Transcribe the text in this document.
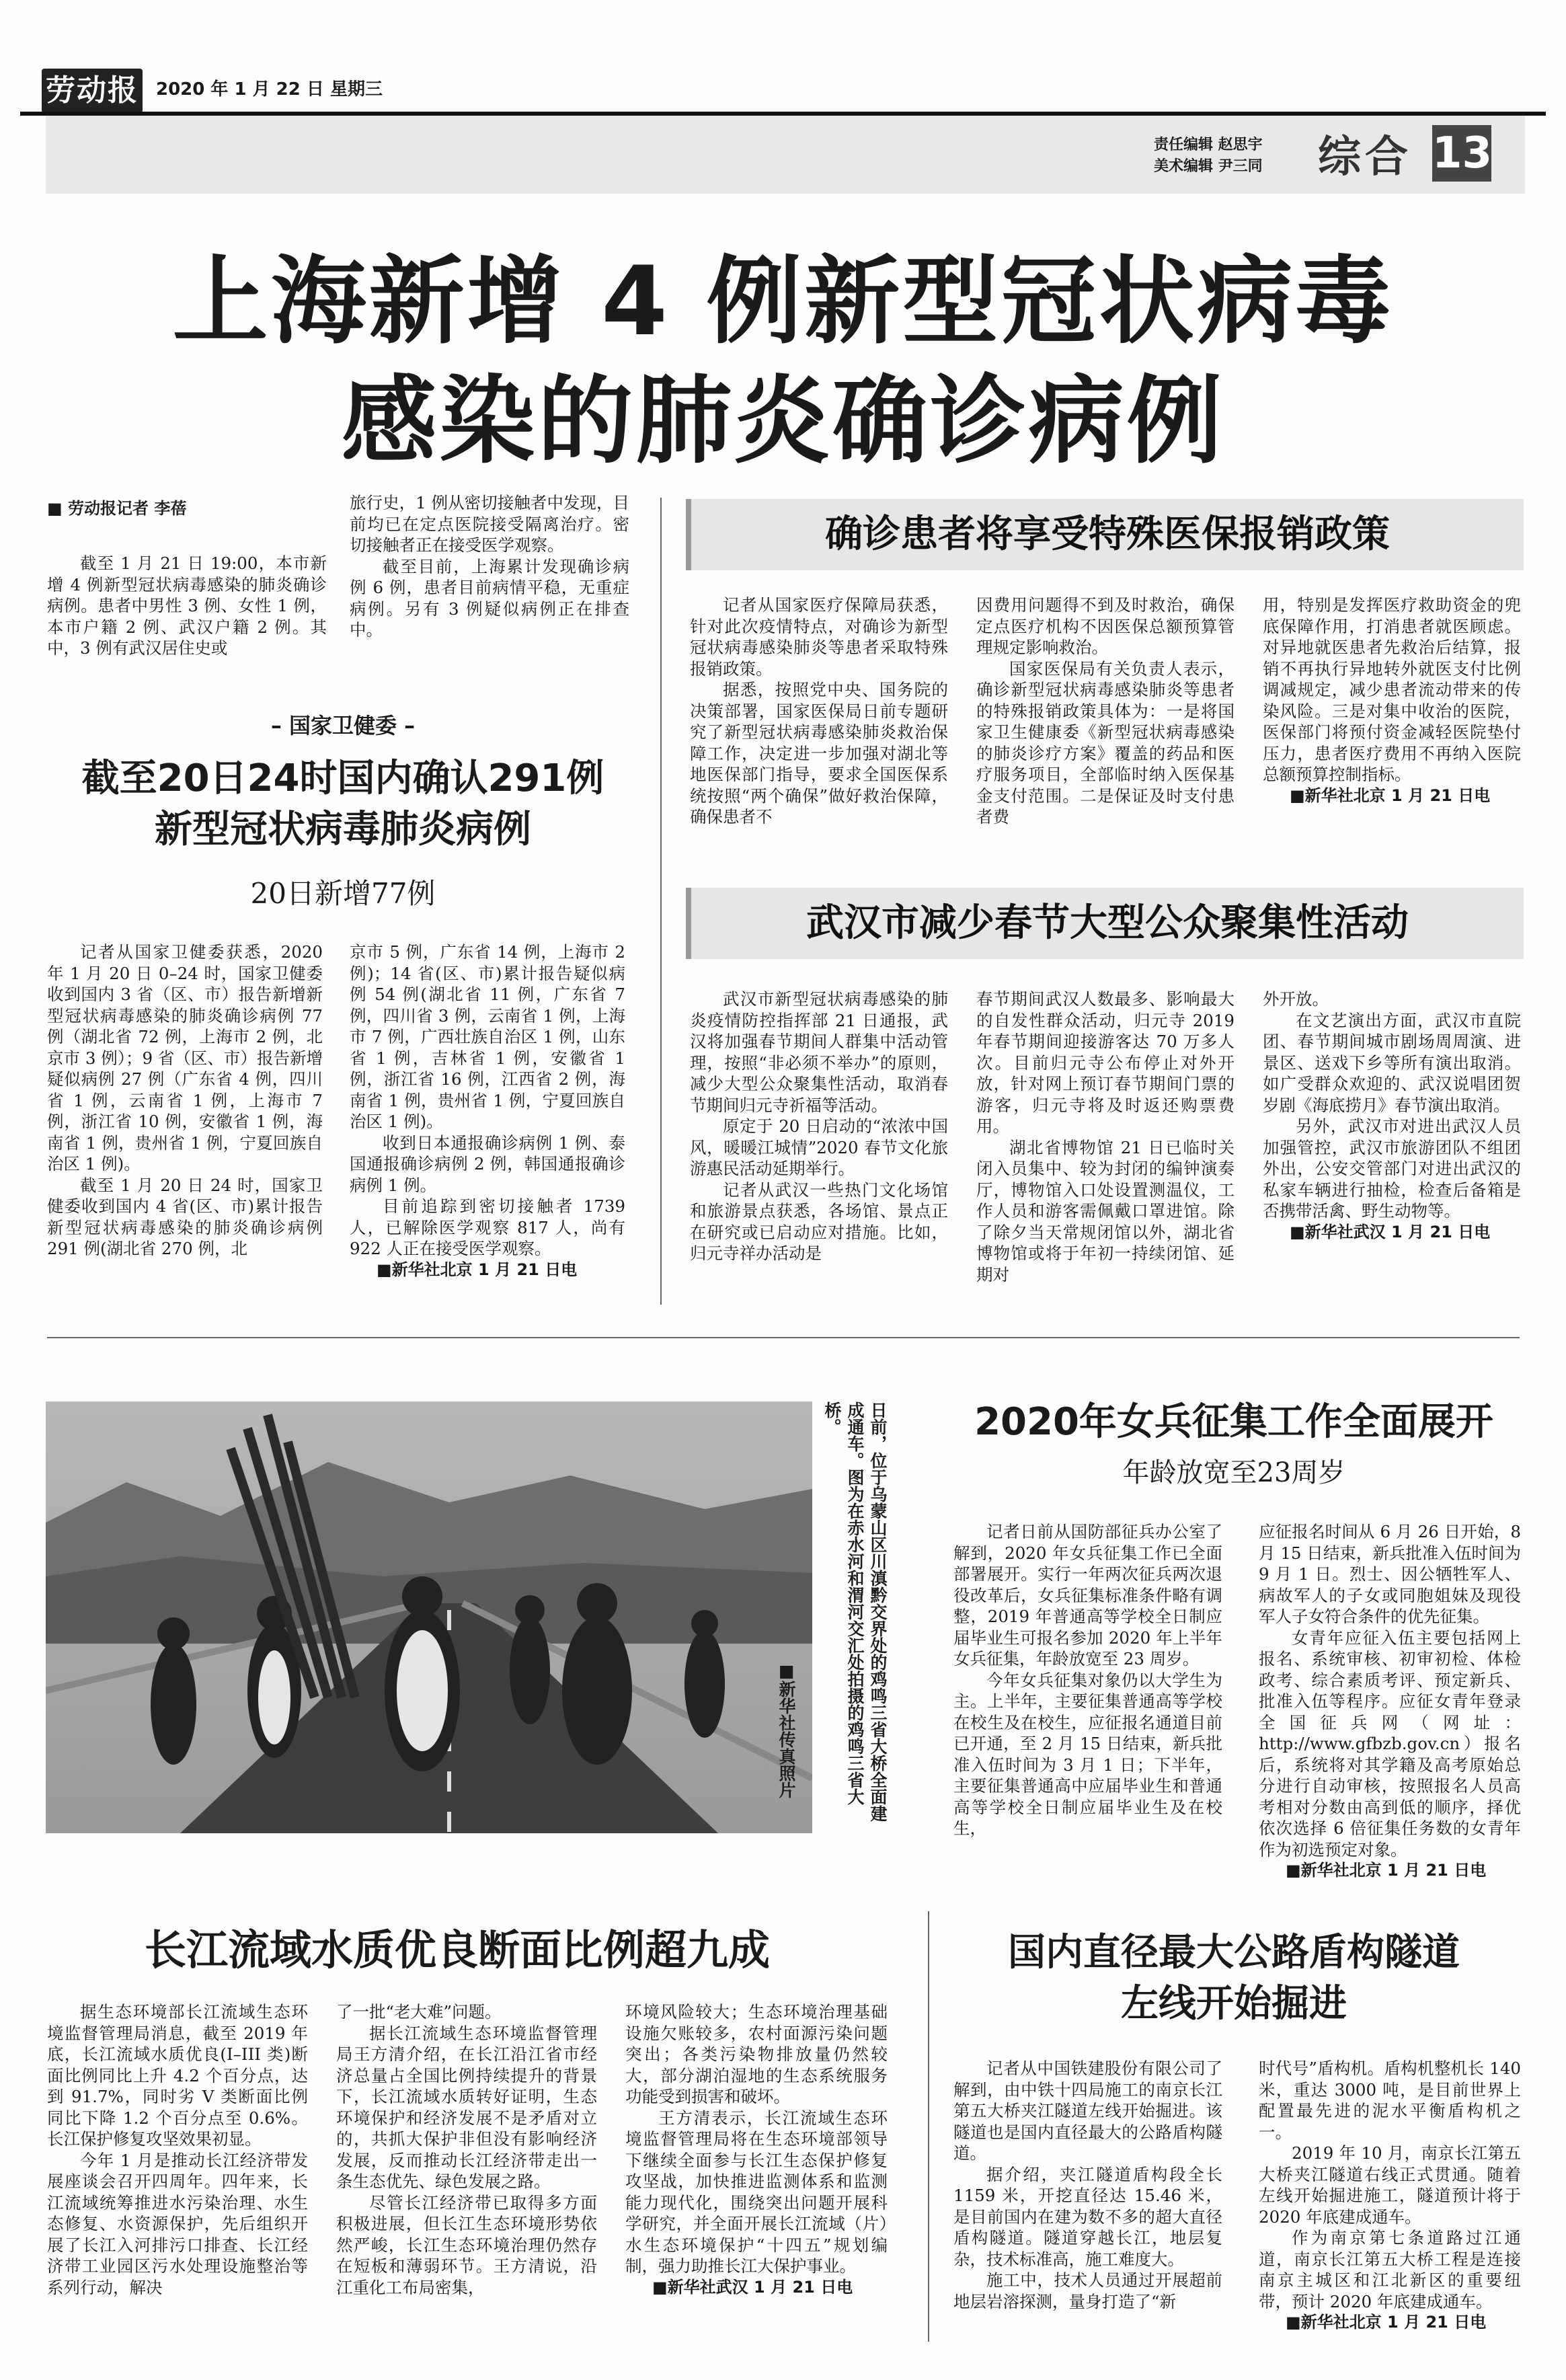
劳动报 2020 年 1 月 22 日 星期三
责任编辑 赵思宇
美术编辑 尹三同 综合 13
上海新增 4 例新型冠状病毒
感染的肺炎确诊病例
■ 劳动报记者 李蓓

截至 1 月 21 日 19:00，本市新增 4 例新型冠状病毒感染的肺炎确诊病例。患者中男性 3 例、女性 1 例，本市户籍 2 例、武汉户籍 2 例。其中，3 例有武汉居住史或

旅行史，1 例从密切接触者中发现，目前均已在定点医院接受隔离治疗。密切接触者正在接受医学观察。

截至目前，上海累计发现确诊病例 6 例，患者目前病情平稳，无重症病例。另有 3 例疑似病例正在排查中。

– 国家卫健委 –
截至20日24时国内确认291例
新型冠状病毒肺炎病例
20日新增77例

记者从国家卫健委获悉，2020 年 1 月 20 日 0–24 时，国家卫健委收到国内 3 省（区、市）报告新增新型冠状病毒感染的肺炎确诊病例 77 例（湖北省 72 例，上海市 2 例，北京市 3 例）；9 省（区、市）报告新增疑似病例 27 例（广东省 4 例，四川省 1 例，云南省 1 例，上海市 7 例，浙江省 10 例，安徽省 1 例，海南省 1 例，贵州省 1 例，宁夏回族自治区 1 例)。

截至 1 月 20 日 24 时，国家卫健委收到国内 4 省(区、市)累计报告新型冠状病毒感染的肺炎确诊病例 291 例(湖北省 270 例，北

京市 5 例，广东省 14 例，上海市 2 例)；14 省(区、市)累计报告疑似病例 54 例(湖北省 11 例，广东省 7 例，四川省 3 例，云南省 1 例，上海市 7 例，广西壮族自治区 1 例，山东省 1 例，吉林省 1 例，安徽省 1 例，浙江省 16 例，江西省 2 例，海南省 1 例，贵州省 1 例，宁夏回族自治区 1 例)。

收到日本通报确诊病例 1 例、泰国通报确诊病例 2 例，韩国通报确诊病例 1 例。

目前追踪到密切接触者 1739 人，已解除医学观察 817 人，尚有 922 人正在接受医学观察。

■新华社北京 1 月 21 日电
确诊患者将享受特殊医保报销政策

记者从国家医疗保障局获悉，针对此次疫情特点，对确诊为新型冠状病毒感染肺炎等患者采取特殊报销政策。

据悉，按照党中央、国务院的决策部署，国家医保局日前专题研究了新型冠状病毒感染肺炎救治保障工作，决定进一步加强对湖北等地医保部门指导，要求全国医保系统按照“两个确保”做好救治保障，确保患者不

因费用问题得不到及时救治，确保定点医疗机构不因医保总额预算管理规定影响救治。

国家医保局有关负责人表示，确诊新型冠状病毒感染肺炎等患者的特殊报销政策具体为：一是将国家卫生健康委《新型冠状病毒感染的肺炎诊疗方案》覆盖的药品和医疗服务项目，全部临时纳入医保基金支付范围。二是保证及时支付患者费

用，特别是发挥医疗救助资金的兜底保障作用，打消患者就医顾虑。对异地就医患者先救治后结算，报销不再执行异地转外就医支付比例调减规定，减少患者流动带来的传染风险。三是对集中收治的医院，医保部门将预付资金减轻医院垫付压力，患者医疗费用不再纳入医院总额预算控制指标。

■新华社北京 1 月 21 日电
武汉市减少春节大型公众聚集性活动

武汉市新型冠状病毒感染的肺炎疫情防控指挥部 21 日通报，武汉将加强春节期间人群集中活动管理，按照“非必须不举办”的原则，减少大型公众聚集性活动，取消春节期间归元寺祈福等活动。

原定于 20 日启动的“浓浓中国风，暖暖江城情”2020 春节文化旅游惠民活动延期举行。

记者从武汉一些热门文化场馆和旅游景点获悉，各场馆、景点正在研究或已启动应对措施。比如，归元寺祥办活动是

春节期间武汉人数最多、影响最大的自发性群众活动，归元寺 2019 年春节期间迎接游客达 70 万多人次。目前归元寺公布停止对外开放，针对网上预订春节期间门票的游客，归元寺将及时返还购票费用。

湖北省博物馆 21 日已临时关闭入员集中、较为封闭的编钟演奏厅，博物馆入口处设置测温仪，工作人员和游客需佩戴口罩进馆。除了除夕当天常规闭馆以外，湖北省博物馆或将于年初一持续闭馆、延期对

外开放。

在文艺演出方面，武汉市直院团、春节期间城市剧场周周演、进景区、送戏下乡等所有演出取消。如广受群众欢迎的、武汉说唱团贺岁剧《海底捞月》春节演出取消。

另外，武汉市对进出武汉人员加强管控，武汉市旅游团队不组团外出，公安交管部门对进出武汉的私家车辆进行抽检，检查后备箱是否携带活禽、野生动物等。

■新华社武汉 1 月 21 日电
日前，位于乌蒙山区川滇黔交界处的鸡鸣三省大桥全面建成通车。图为在赤水河和渭河交汇处拍摄的鸡鸣三省大桥。
■新华社传真照片
2020年女兵征集工作全面展开
年龄放宽至23周岁

记者日前从国防部征兵办公室了解到，2020 年女兵征集工作已全面部署展开。实行一年两次征兵两次退役改革后，女兵征集标准条件略有调整，2019 年普通高等学校全日制应届毕业生可报名参加 2020 年上半年女兵征集，年龄放宽至 23 周岁。

今年女兵征集对象仍以大学生为主。上半年，主要征集普通高等学校在校生及在校生，应征报名通道目前已开通，至 2 月 15 日结束，新兵批准入伍时间为 3 月 1 日；下半年，主要征集普通高中应届毕业生和普通高等学校全日制应届毕业生及在校生，

应征报名时间从 6 月 26 日开始，8 月 15 日结束，新兵批准入伍时间为 9 月 1 日。烈士、因公牺牲军人、病故军人的子女或同胞姐妹及现役军人子女符合条件的优先征集。

女青年应征入伍主要包括网上报名、系统审核、初审初检、体检政考、综合素质考评、预定新兵、批准入伍等程序。应征女青年登录全国征兵网（网址：http://www.gfbzb.gov.cn）报名后，系统将对其学籍及高考原始总分进行自动审核，按照报名人员高考相对分数由高到低的顺序，择优依次选择 6 倍征集任务数的女青年作为初选预定对象。

■新华社北京 1 月 21 日电
长江流域水质优良断面比例超九成

据生态环境部长江流域生态环境监督管理局消息，截至 2019 年底，长江流域水质优良(I–III 类)断面比例同比上升 4.2 个百分点，达到 91.7%，同时劣 V 类断面比例同比下降 1.2 个百分点至 0.6%。长江保护修复攻坚效果初显。

今年 1 月是推动长江经济带发展座谈会召开四周年。四年来，长江流域统筹推进水污染治理、水生态修复、水资源保护，先后组织开展了长江入河排污口排查、长江经济带工业园区污水处理设施整治等系列行动，解决

了一批“老大难”问题。

据长江流域生态环境监督管理局王方清介绍，在长江沿江省市经济总量占全国比例持续提升的背景下，长江流域水质转好证明，生态环境保护和经济发展不是矛盾对立的，共抓大保护非但没有影响经济发展，反而推动长江经济带走出一条生态优先、绿色发展之路。

尽管长江经济带已取得多方面积极进展，但长江生态环境形势依然严峻，长江生态环境治理仍然存在短板和薄弱环节。王方清说，沿江重化工布局密集，

环境风险较大；生态环境治理基础设施欠账较多，农村面源污染问题突出；各类污染物排放量仍然较大，部分湖泊湿地的生态系统服务功能受到损害和破坏。

王方清表示，长江流域生态环境监督管理局将在生态环境部领导下继续全面参与长江生态保护修复攻坚战，加快推进监测体系和监测能力现代化，围绕突出问题开展科学研究，并全面开展长江流域（片）水生态环境保护“十四五”规划编制，强力助推长江大保护事业。

■新华社武汉 1 月 21 日电
国内直径最大公路盾构隧道
左线开始掘进

记者从中国铁建股份有限公司了解到，由中铁十四局施工的南京长江第五大桥夹江隧道左线开始掘进。该隧道也是国内直径最大的公路盾构隧道。

据介绍，夹江隧道盾构段全长 1159 米，开挖直径达 15.46 米，是目前国内在建为数不多的超大直径盾构隧道。隧道穿越长江，地层复杂，技术标准高，施工难度大。

施工中，技术人员通过开展超前地层岩溶探测，量身打造了“新

时代号”盾构机。盾构机整机长 140 米，重达 3000 吨，是目前世界上配置最先进的泥水平衡盾构机之一。

2019 年 10 月，南京长江第五大桥夹江隧道右线正式贯通。随着左线开始掘进施工，隧道预计将于 2020 年底建成通车。

作为南京第七条道路过江通道，南京长江第五大桥工程是连接南京主城区和江北新区的重要纽带，预计 2020 年底建成通车。

■新华社北京 1 月 21 日电
